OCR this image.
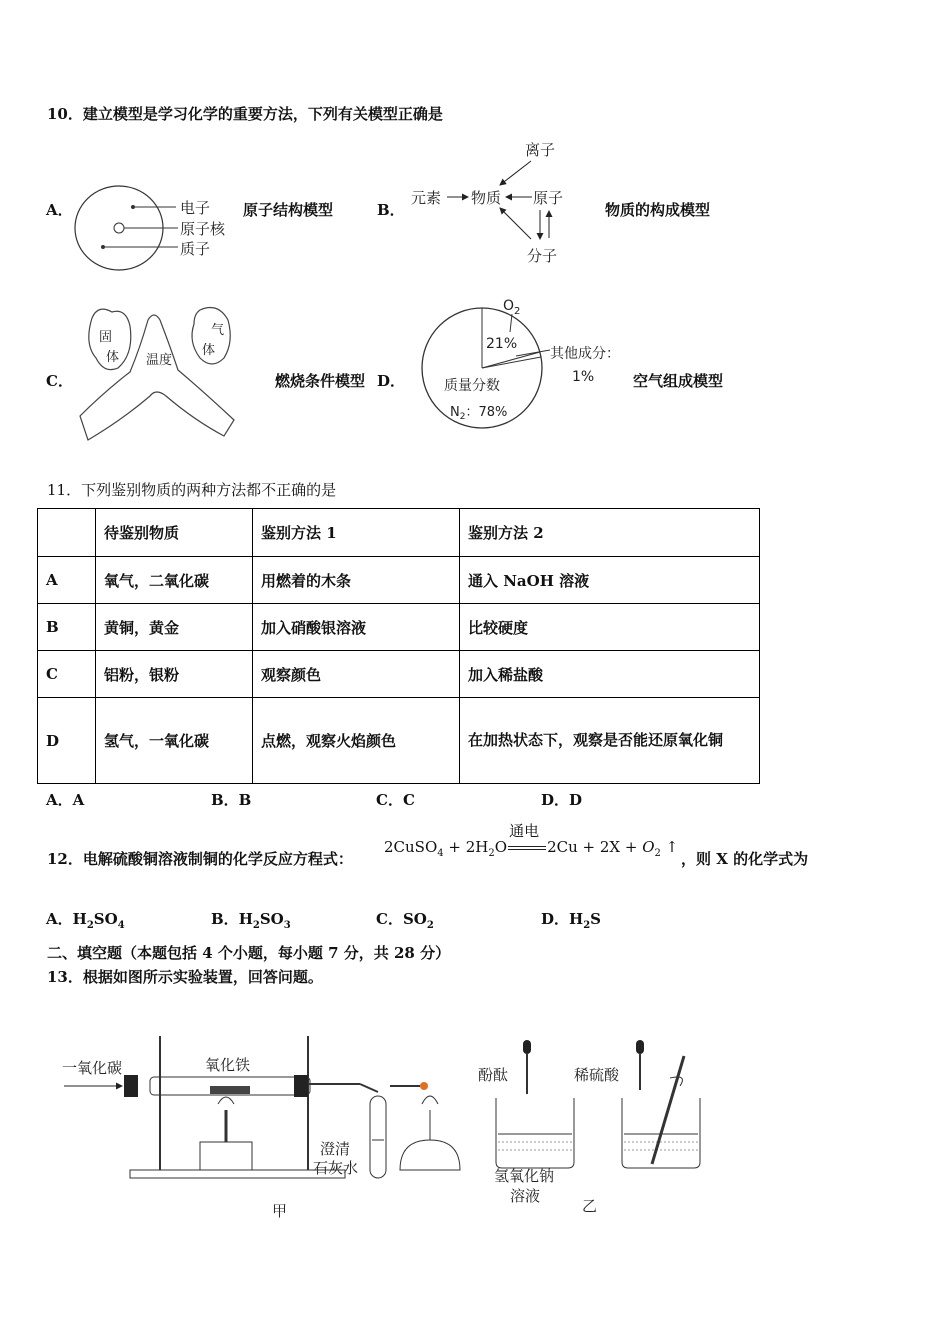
10．建立模型是学习化学的重要方法，下列有关模型正确是
A．	电子
原子核
质子
原子结构模型	B．
离子
元素 物质 原子
分子
物质的构成模型
C．
固
体 温度
气
体
燃烧条件模型 D．
$O_2$
21%
其他成分：
1%
质量分数
$N_2$：78%
空气组成模型
11．下列鉴别物质的两种方法都不正确的是
	待鉴别物质	鉴别方法 1	鉴别方法 2
A	氧气，二氧化碳	用燃着的木条	通入 NaOH 溶液
B	黄铜，黄金	加入硝酸银溶液	比较硬度
C	铝粉，银粉	观察颜色	加入稀盐酸
D	氢气，一氧化碳	点燃，观察火焰颜色	在加热状态下，观察是否能还原氧化铜
A．A	B．B	C．C	D．D
12．电解硫酸铜溶液制铜的化学反应方程式：
2CuSO$_4$ + $2H_2O$
通电
$2Cu + 2X + O_2$ ↑
，则 X 的化学式为
A．$H_2SO_4$	B．$H_2SO_3$	C．$SO_2$	D．$H_2S$
二、填空题（本题包括 4 个小题，每小题 7 分，共 28 分）
13．根据如图所示实验装置，回答问题。
一氧化碳	氧化铁
澄清
石灰水
甲
酚酞
氢氧化钠
溶液
稀硫酸
乙
